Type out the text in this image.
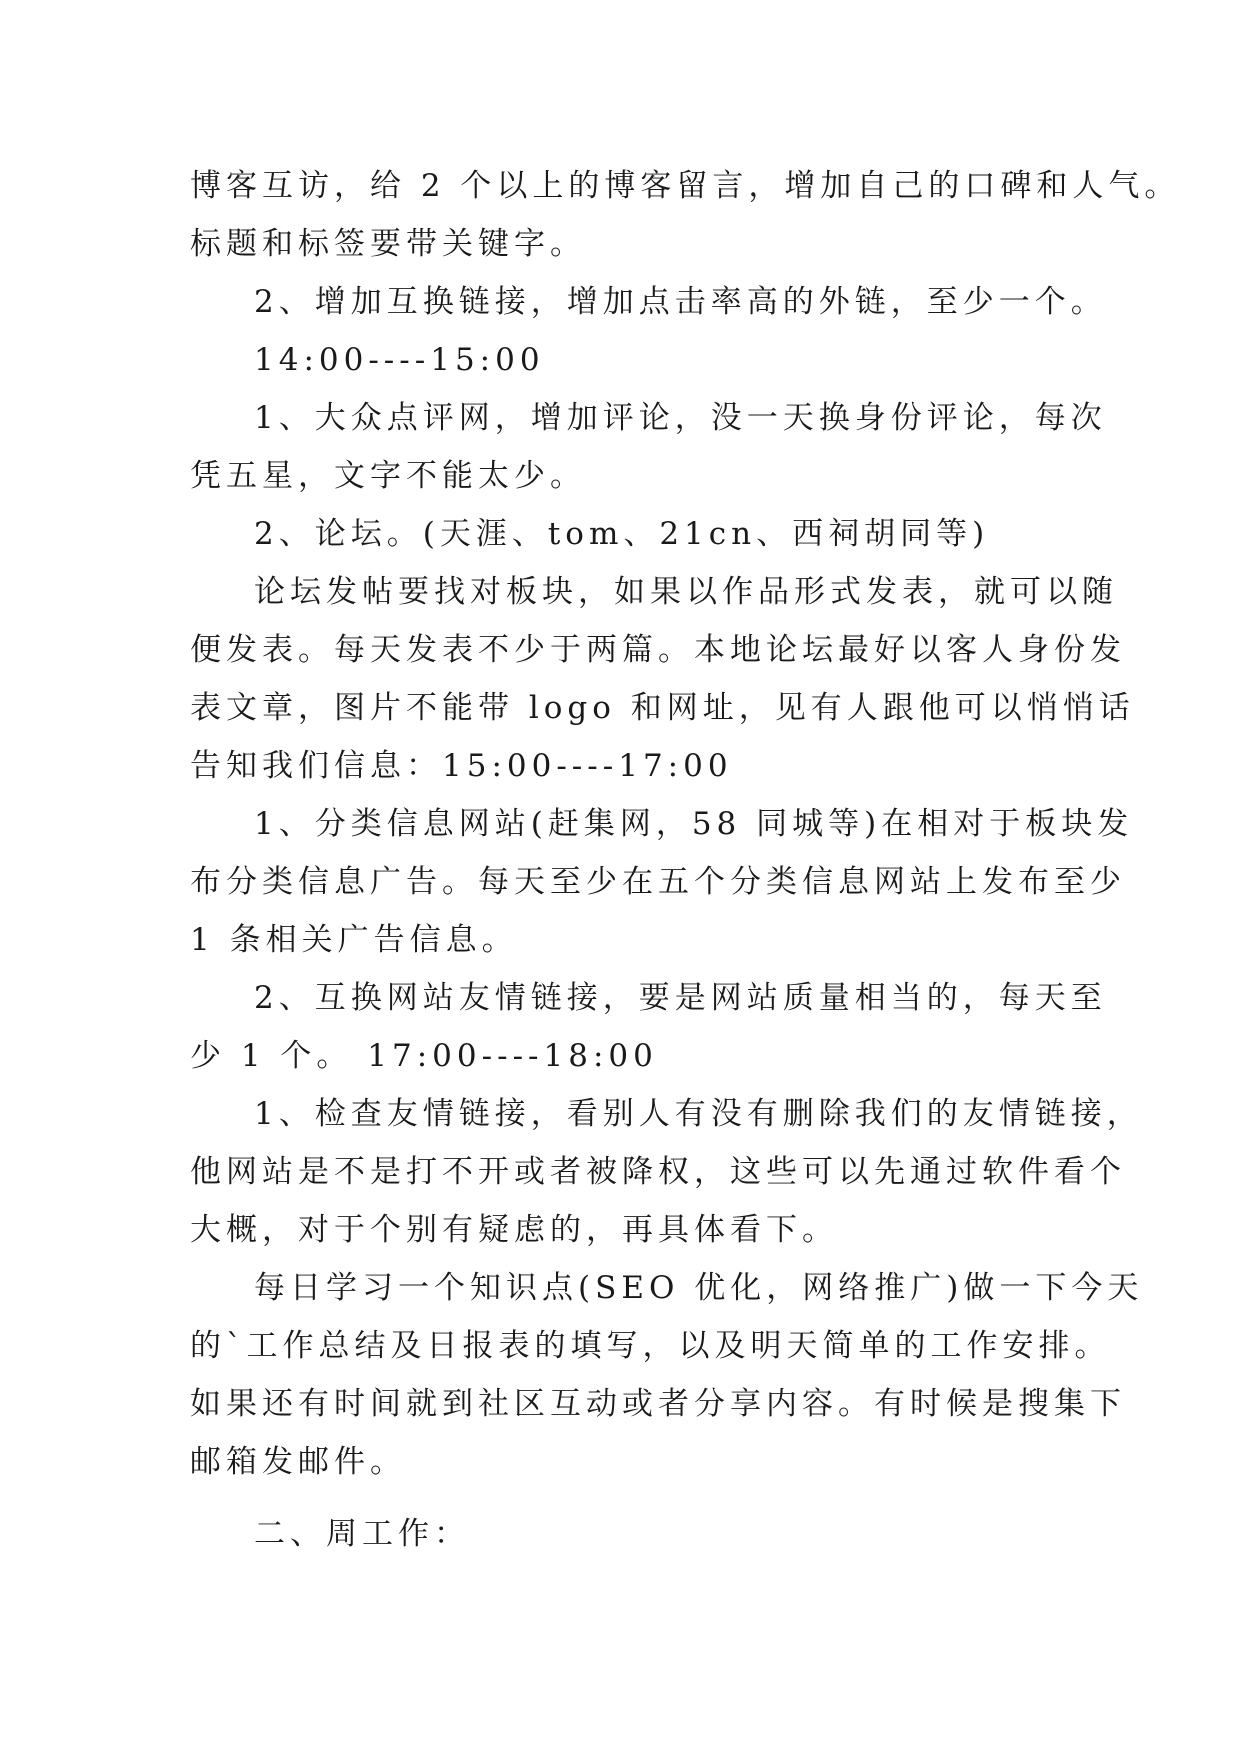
博客互访，给 2 个以上的博客留言，增加自己的口碑和人气。
标题和标签要带关键字。
2、增加互换链接，增加点击率高的外链，至少一个。
14:00----15:00
1、大众点评网，增加评论，没一天换身份评论，每次
凭五星，文字不能太少。
2、论坛。(天涯、tom、21cn、西祠胡同等)
论坛发帖要找对板块，如果以作品形式发表，就可以随
便发表。每天发表不少于两篇。本地论坛最好以客人身份发
表文章，图片不能带 logo 和网址，见有人跟他可以悄悄话
告知我们信息：15:00----17:00
1、分类信息网站(赶集网，58 同城等)在相对于板块发
布分类信息广告。每天至少在五个分类信息网站上发布至少
1 条相关广告信息。
2、互换网站友情链接，要是网站质量相当的，每天至
少 1 个。 17:00----18:00
1、检查友情链接，看别人有没有删除我们的友情链接，
他网站是不是打不开或者被降权，这些可以先通过软件看个
大概，对于个别有疑虑的，再具体看下。
每日学习一个知识点(SEO 优化，网络推广)做一下今天
的`工作总结及日报表的填写，以及明天简单的工作安排。
如果还有时间就到社区互动或者分享内容。有时候是搜集下
邮箱发邮件。
二、周工作：
